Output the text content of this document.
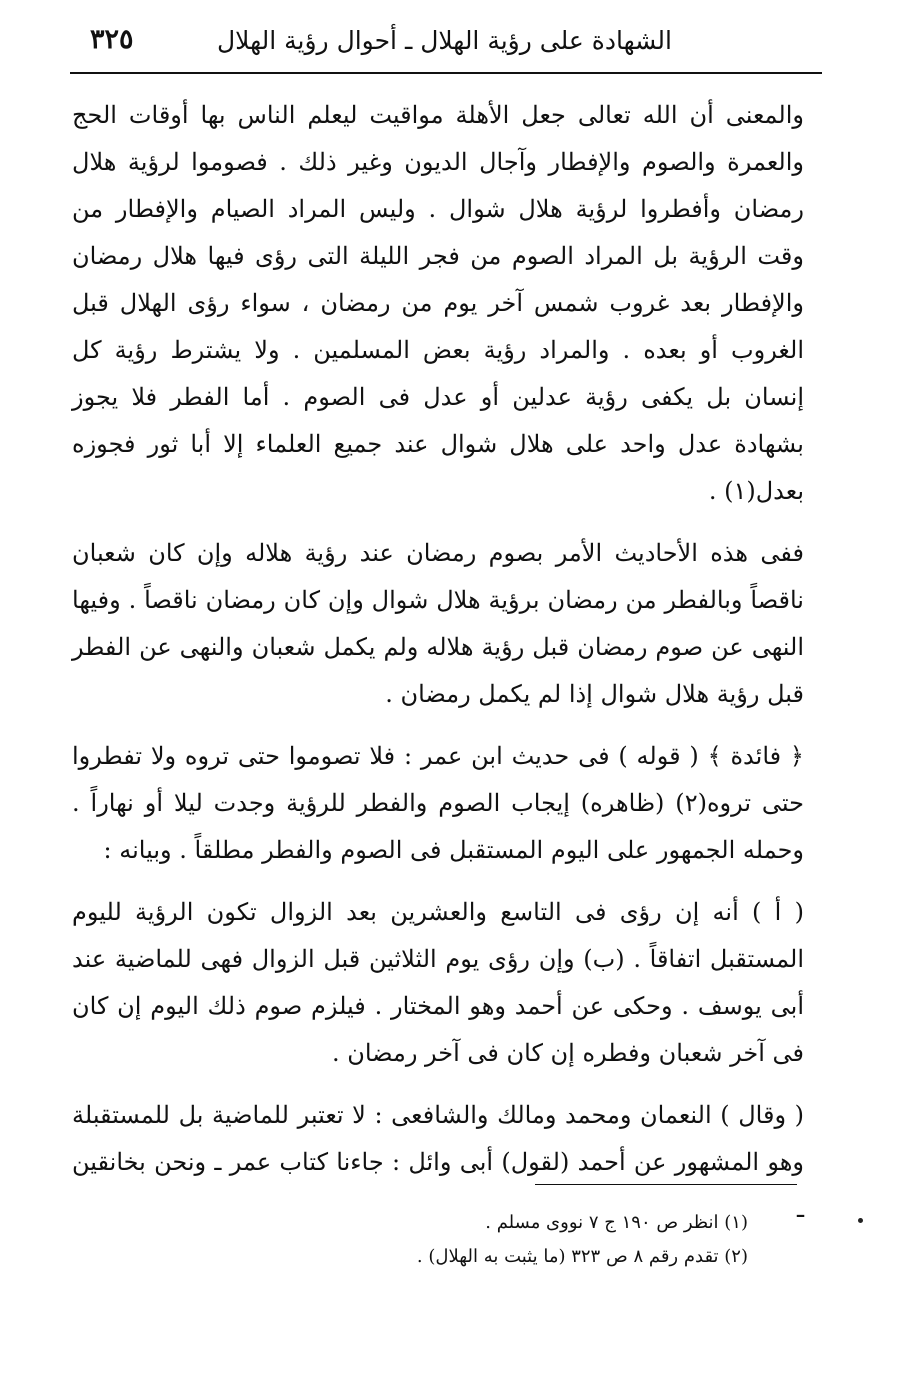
الشهادة على رؤية الهلال ـ أحوال رؤية الهلال
٣٢٥

والمعنى أن الله تعالى جعل الأهلة مواقيت ليعلم الناس بها أوقات الحج والعمرة والصوم والإفطار وآجال الديون وغير ذلك . فصوموا لرؤية هلال رمضان وأفطروا لرؤية هلال شوال . وليس المراد الصيام والإفطار من وقت الرؤية بل المراد الصوم من فجر الليلة التى رؤى فيها هلال رمضان والإفطار بعد غروب شمس آخر يوم من رمضان ، سواء رؤى الهلال قبل الغروب أو بعده . والمراد رؤية بعض المسلمين . ولا يشترط رؤية كل إنسان بل يكفى رؤية عدلين أو عدل فى الصوم . أما الفطر فلا يجوز بشهادة عدل واحد على هلال شوال عند جميع العلماء إلا أبا ثور فجوزه بعدل(١) .

ففى هذه الأحاديث الأمر بصوم رمضان عند رؤية هلاله وإن كان شعبان ناقصاً وبالفطر من رمضان برؤية هلال شوال وإن كان رمضان ناقصاً . وفيها النهى عن صوم رمضان قبل رؤية هلاله ولم يكمل شعبان والنهى عن الفطر قبل رؤية هلال شوال إذا لم يكمل رمضان .

﴿ فائدة ﴾ ( قوله ) فى حديث ابن عمر : فلا تصوموا حتى تروه ولا تفطروا حتى تروه(٢) (ظاهره) إيجاب الصوم والفطر للرؤية وجدت ليلا أو نهاراً . وحمله الجمهور على اليوم المستقبل فى الصوم والفطر مطلقاً . وبيانه :

( أ ) أنه إن رؤى فى التاسع والعشرين بعد الزوال تكون الرؤية لليوم المستقبل اتفاقاً . (ب) وإن رؤى يوم الثلاثين قبل الزوال فهى للماضية عند أبى يوسف . وحكى عن أحمد وهو المختار . فيلزم صوم ذلك اليوم إن كان فى آخر شعبان وفطره إن كان فى آخر رمضان .

( وقال ) النعمان ومحمد ومالك والشافعى : لا تعتبر للماضية بل للمستقبلة وهو المشهور عن أحمد (لقول) أبى وائل : جاءنا كتاب عمر ـ ونحن بخانقين ـ

(١) انظر ص ١٩٠ ج ٧ نووى مسلم .

(٢) تقدم رقم ٨ ص ٣٢٣ (ما يثبت به الهلال) .
